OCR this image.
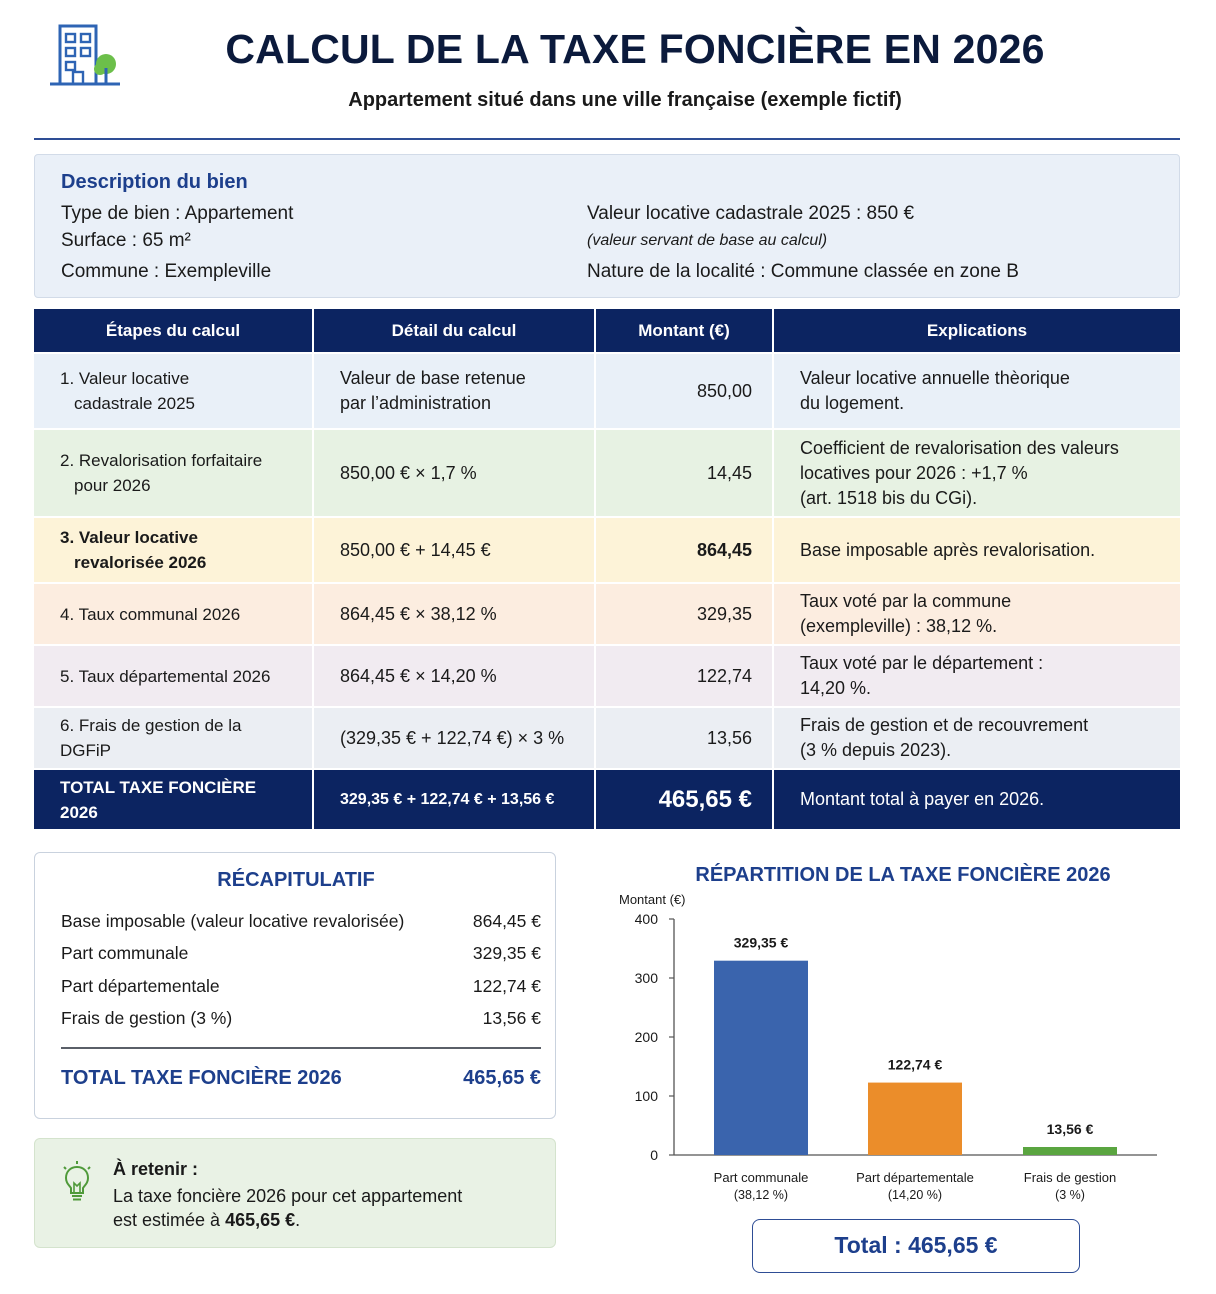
CALCUL DE LA TAXE FONCIÈRE EN 2026
Appartement situé dans une ville française (exemple fictif)
Description du bien
Type de bien : Appartement
Surface : 65 m²
Commune : Exempleville
Valeur locative cadastrale 2025 : 850 €
(valeur servant de base au calcul)
Nature de la localité : Commune classée en zone B
Étapes du calcul	Détail du calcul	Montant (€)	Explications
1. Valeur locative
cadastrale 2025	Valeur de base retenue
par l’administration	850,00	Valeur locative annuelle thèorique
du logement.
2. Revalorisation forfaitaire
pour 2026	850,00 € × 1,7 %	14,45	Coefficient de revalorisation des valeurs
locatives pour 2026 : +1,7 %
(art. 1518 bis du CGi).
3. Valeur locative
revalorisée 2026	850,00 € + 14,45 €	864,45	Base imposable après revalorisation.
4. Taux communal 2026	864,45 € × 38,12 %	329,35	Taux voté par la commune
(exempleville) : 38,12 %.
5. Taux départemental 2026	864,45 € × 14,20 %	122,74	Taux voté par le département :
14,20 %.
6. Frais de gestion de la DGFiP	(329,35 € + 122,74 €) × 3 %	13,56	Frais de gestion et de recouvrement
(3 % depuis 2023).
TOTAL TAXE FONCIÈRE 2026	329,35 € + 122,74 € + 13,56 €	465,65 €	Montant total à payer en 2026.
RÉCAPITULATIF
Base imposable (valeur locative revalorisée)	864,45 €
Part communale	329,35 €
Part départementale	122,74 €
Frais de gestion (3 %)	13,56 €
TOTAL TAXE FONCIÈRE 2026	465,65 €
À retenir :
La taxe foncière 2026 pour cet appartement
est estimée à 465,65 €.
RÉPARTITION DE LA TAXE FONCIÈRE 2026
Montant (€)
0
100
200
300
400
329,35 €
Part communale
(38,12 %)
122,74 €
Part départementale
(14,20 %)
13,56 €
Frais de gestion
(3 %)
Total : 465,65 €
